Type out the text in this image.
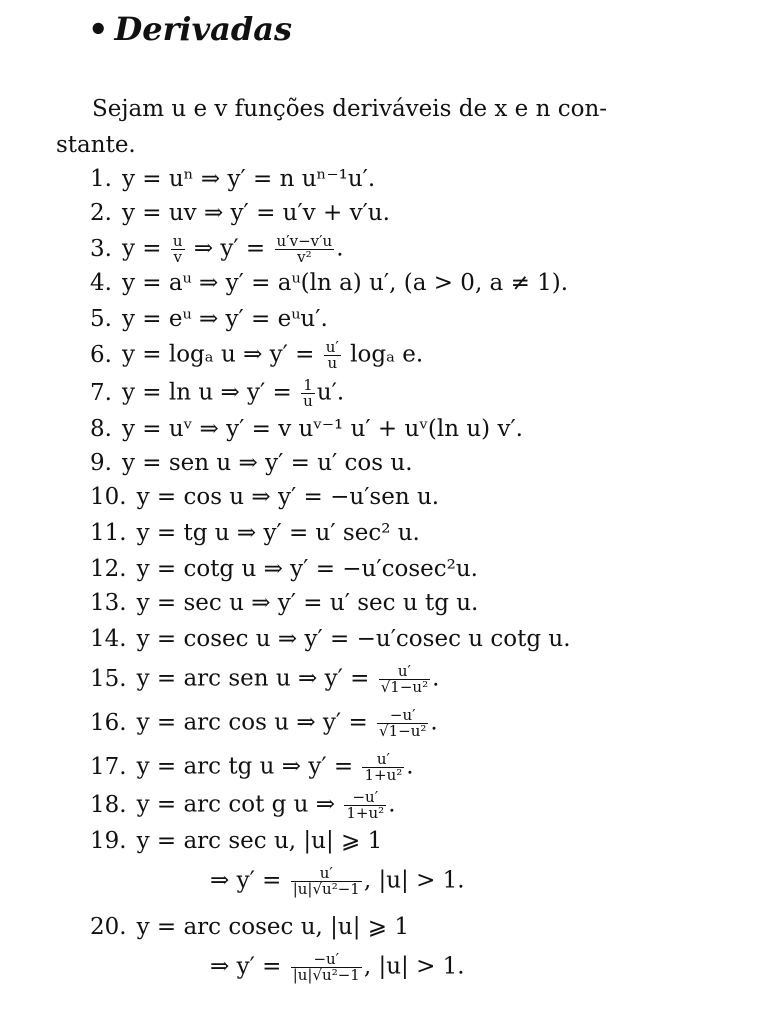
• Derivadas
Sejam u e v funções deriváveis de x e n con-
stante.
1. y = uⁿ ⇒ y′ = n uⁿ⁻¹u′.
2. y = uv ⇒ y′ = u′v + v′u.
3. $y = \frac{u}{v}$ ⇒ $y' = \frac{u'v-v'u}{\text{v²}}$ .
4. y = aᵘ ⇒ y′ = aᵘ(ln a) u′, (a > 0, a ≠ 1).
5. y = eᵘ ⇒ y′ = eᵘu′.
6. y = logₐ u ⇒ $y' = \frac{u'}{u}$ logₐ e.
7. y = ln u ⇒ $y' = \frac{1}{u} u'$.
8. y = uᵛ ⇒ y′ = v uᵛ⁻¹ u′ + uᵛ(ln u) v′.
9. y = sen u ⇒ y′ = u′ cos u.
10. y = cos u ⇒ y′ = −u′sen u.
11. y = tg u ⇒ y′ = u′ sec² u.
12. y = cotg u ⇒ y′ = −u′cosec²u.
13. y = sec u ⇒ y′ = u′ sec u tg u.
14. y = cosec u ⇒ y′ = −u′cosec u cotg u.
15. y = arc sen u ⇒ $y' = \frac{u'}{\text{√1−u²}}$ .
16. y = arc cos u ⇒ $y' = \frac{-u'}{\text{√1−u²}}$ .
17. y = arc tg u ⇒ $y' = \frac{u'}{\text{1+u²}}$ .
18. y = arc cot g u ⇒ $\frac{-u'}{\text{1+u²}}$ .
19. y = arc sec u, |u| ⩾ 1
⇒ $y' = \frac{u'}{\text{|u|√u²−1}}$ , |u| > 1.
20. y = arc cosec u, |u| ⩾ 1
⇒ $y' = \frac{-u'}{\text{|u|√u²−1}}$ , |u| > 1.
